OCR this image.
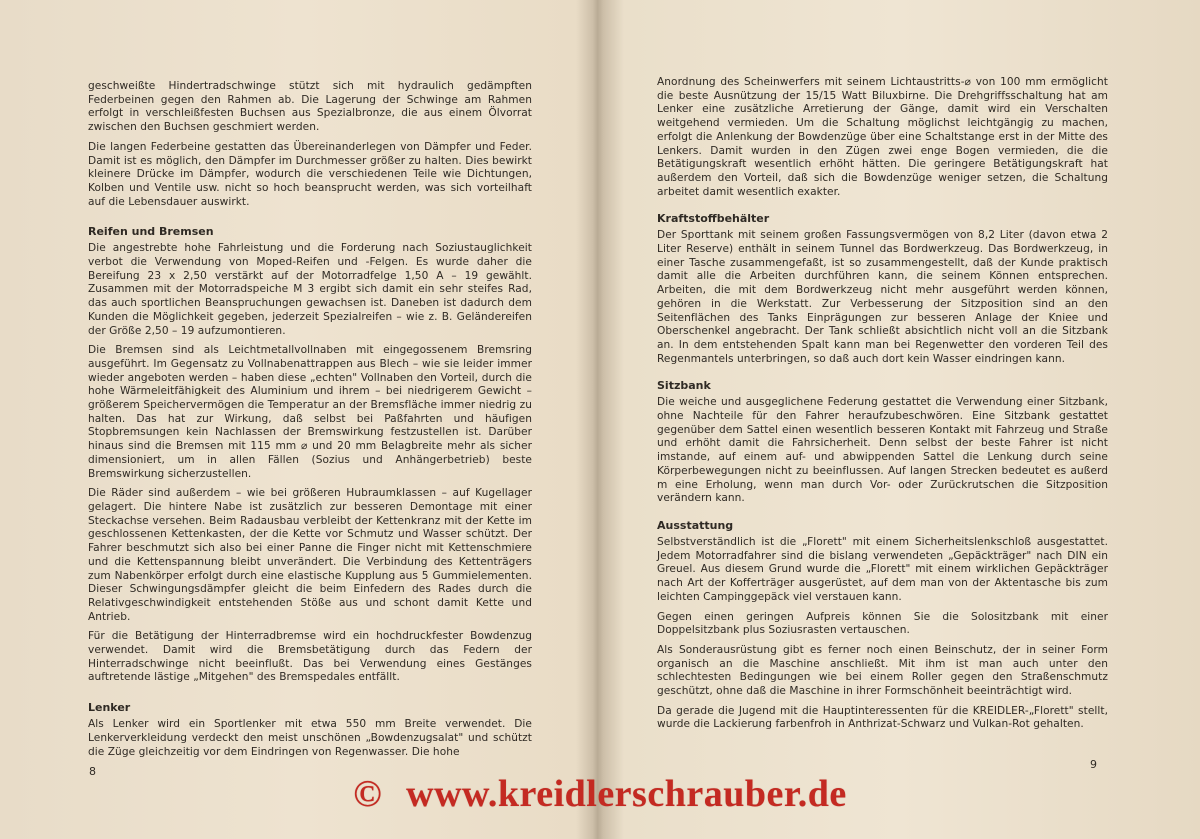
geschweißte Hindertradschwinge stützt sich mit hydraulich gedämpften Federbeinen gegen den Rahmen ab. Die Lagerung der Schwinge am Rahmen erfolgt in verschleißfesten Buchsen aus Spezialbronze, die aus einem Ölvorrat zwischen den Buchsen geschmiert werden.

Die langen Federbeine gestatten das Übereinanderlegen von Dämpfer und Feder. Damit ist es möglich, den Dämpfer im Durchmesser größer zu halten. Dies bewirkt kleinere Drücke im Dämpfer, wodurch die verschiedenen Teile wie Dichtungen, Kolben und Ventile usw. nicht so hoch beansprucht werden, was sich vorteilhaft auf die Lebensdauer auswirkt.

Reifen und Bremsen

Die angestrebte hohe Fahrleistung und die Forderung nach Soziustauglichkeit verbot die Verwendung von Moped-Reifen und -Felgen. Es wurde daher die Bereifung 23 x 2,50 verstärkt auf der Motorradfelge 1,50 A – 19 gewählt. Zusammen mit der Motorradspeiche M 3 ergibt sich damit ein sehr steifes Rad, das auch sportlichen Beanspruchungen gewachsen ist. Daneben ist dadurch dem Kunden die Möglichkeit gegeben, jederzeit Spezialreifen – wie z. B. Geländereifen der Größe 2,50 – 19 aufzumontieren.

Die Bremsen sind als Leichtmetallvollnaben mit eingegossenem Bremsring ausgeführt. Im Gegensatz zu Vollnabenattrappen aus Blech – wie sie leider immer wieder angeboten werden – haben diese „echten" Vollnaben den Vorteil, durch die hohe Wärmeleitfähigkeit des Aluminium und ihrem – bei niedrigerem Gewicht – größerem Speichervermögen die Temperatur an der Bremsfläche immer niedrig zu halten. Das hat zur Wirkung, daß selbst bei Paßfahrten und häufigen Stopbremsungen kein Nachlassen der Bremswirkung festzustellen ist. Darüber hinaus sind die Bremsen mit 115 mm ⌀ und 20 mm Belagbreite mehr als sicher dimensioniert, um in allen Fällen (Sozius und Anhängerbetrieb) beste Bremswirkung sicherzustellen.

Die Räder sind außerdem – wie bei größeren Hubraumklassen – auf Kugellager gelagert. Die hintere Nabe ist zusätzlich zur besseren Demontage mit einer Steckachse versehen. Beim Radausbau verbleibt der Kettenkranz mit der Kette im geschlossenen Kettenkasten, der die Kette vor Schmutz und Wasser schützt. Der Fahrer beschmutzt sich also bei einer Panne die Finger nicht mit Kettenschmiere und die Kettenspannung bleibt unverändert. Die Verbindung des Kettenträgers zum Nabenkörper erfolgt durch eine elastische Kupplung aus 5 Gummielementen. Dieser Schwingungsdämpfer gleicht die beim Einfedern des Rades durch die Relativgeschwindigkeit entstehenden Stöße aus und schont damit Kette und Antrieb.

Für die Betätigung der Hinterradbremse wird ein hochdruckfester Bowdenzug verwendet. Damit wird die Bremsbetätigung durch das Federn der Hinterradschwinge nicht beeinflußt. Das bei Verwendung eines Gestänges auftretende lästige „Mitgehen" des Bremspedales entfällt.

Lenker

Als Lenker wird ein Sportlenker mit etwa 550 mm Breite verwendet. Die Lenkerverkleidung verdeckt den meist unschönen „Bowdenzugsalat" und schützt die Züge gleichzeitig vor dem Eindringen von Regenwasser. Die hohe

Anordnung des Scheinwerfers mit seinem Lichtaustritts-⌀ von 100 mm ermöglicht die beste Ausnützung der 15/15 Watt Biluxbirne. Die Drehgriffsschaltung hat am Lenker eine zusätzliche Arretierung der Gänge, damit wird ein Verschalten weitgehend vermieden. Um die Schaltung möglichst leichtgängig zu machen, erfolgt die Anlenkung der Bowdenzüge über eine Schaltstange erst in der Mitte des Lenkers. Damit wurden in den Zügen zwei enge Bogen vermieden, die die Betätigungskraft wesentlich erhöht hätten. Die geringere Betätigungskraft hat außerdem den Vorteil, daß sich die Bowdenzüge weniger setzen, die Schaltung arbeitet damit wesentlich exakter.

Kraftstoffbehälter

Der Sporttank mit seinem großen Fassungsvermögen von 8,2 Liter (davon etwa 2 Liter Reserve) enthält in seinem Tunnel das Bordwerkzeug. Das Bordwerkzeug, in einer Tasche zusammengefaßt, ist so zusammengestellt, daß der Kunde praktisch damit alle die Arbeiten durchführen kann, die seinem Können entsprechen. Arbeiten, die mit dem Bordwerkzeug nicht mehr ausgeführt werden können, gehören in die Werkstatt. Zur Verbesserung der Sitzposition sind an den Seitenflächen des Tanks Einprägungen zur besseren Anlage der Kniee und Oberschenkel angebracht. Der Tank schließt absichtlich nicht voll an die Sitzbank an. In dem entstehenden Spalt kann man bei Regenwetter den vorderen Teil des Regenmantels unterbringen, so daß auch dort kein Wasser eindringen kann.

Sitzbank

Die weiche und ausgeglichene Federung gestattet die Verwendung einer Sitzbank, ohne Nachteile für den Fahrer heraufzubeschwören. Eine Sitzbank gestattet gegenüber dem Sattel einen wesentlich besseren Kontakt mit Fahrzeug und Straße und erhöht damit die Fahrsicherheit. Denn selbst der beste Fahrer ist nicht imstande, auf einem auf- und abwippenden Sattel die Lenkung durch seine Körperbewegungen nicht zu beeinflussen. Auf langen Strecken bedeutet es außerd m eine Erholung, wenn man durch Vor- oder Zurückrutschen die Sitzposition verändern kann.

Ausstattung

Selbstverständlich ist die „Florett" mit einem Sicherheitslenkschloß ausgestattet. Jedem Motorradfahrer sind die bislang verwendeten „Gepäckträger" nach DIN ein Greuel. Aus diesem Grund wurde die „Florett" mit einem wirklichen Gepäckträger nach Art der Kofferträger ausgerüstet, auf dem man von der Aktentasche bis zum leichten Campinggepäck viel verstauen kann.

Gegen einen geringen Aufpreis können Sie die Solositzbank mit einer Doppelsitzbank plus Soziusrasten vertauschen.

Als Sonderausrüstung gibt es ferner noch einen Beinschutz, der in seiner Form organisch an die Maschine anschließt. Mit ihm ist man auch unter den schlechtesten Bedingungen wie bei einem Roller gegen den Straßenschmutz geschützt, ohne daß die Maschine in ihrer Formschönheit beeinträchtigt wird.

Da gerade die Jugend mit die Hauptinteressenten für die KREIDLER-„Florett" stellt, wurde die Lackierung farbenfroh in Anthrizat-Schwarz und Vulkan-Rot gehalten.

8
9
© www.kreidlerschrauber.de
